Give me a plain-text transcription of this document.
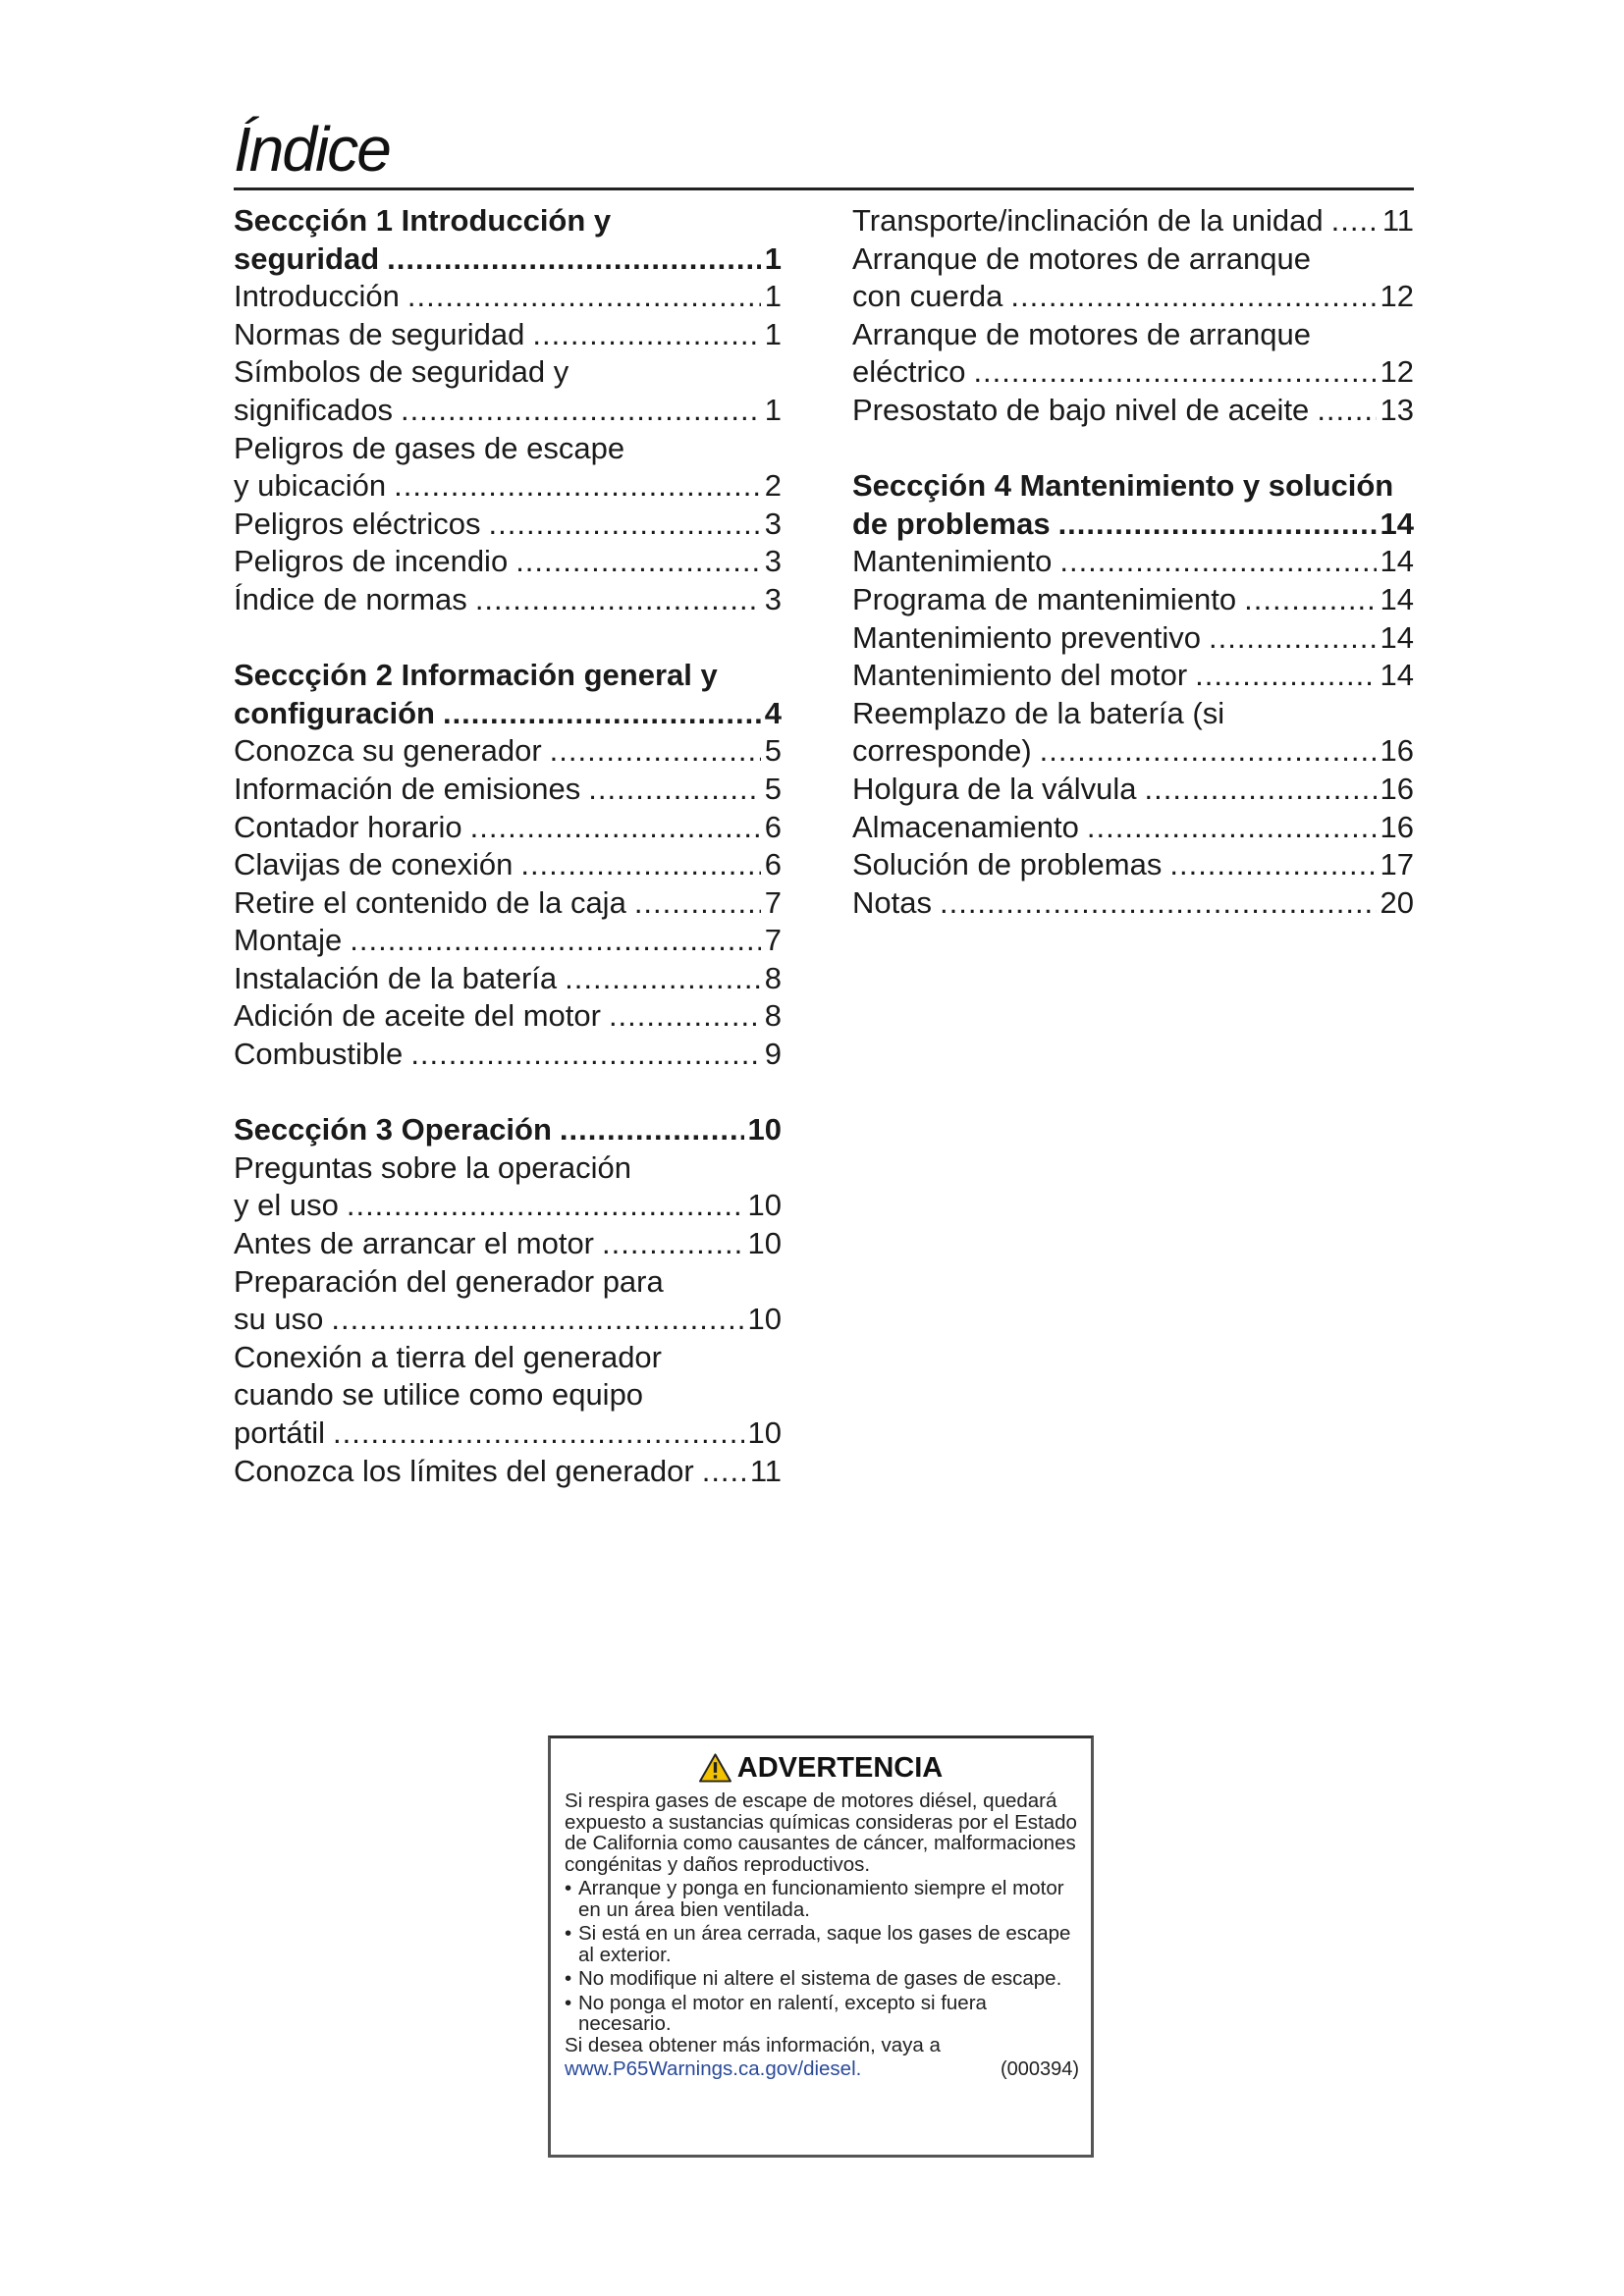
Índice
Seccçión 1 Introducción y
seguridad .....	1
Introducción .....	1
Normas de seguridad .....	1
Símbolos de seguridad y
significados .....	1
Peligros de gases de escape
y ubicación .....	2
Peligros eléctricos .....	3
Peligros de incendio .....	3
Índice de normas .....	3
Seccçión 2 Información general y
configuración .....	4
Conozca su generador .....	5
Información de emisiones .....	5
Contador horario .....	6
Clavijas de conexión .....	6
Retire el contenido de la caja .....	7
Montaje .....	7
Instalación de la batería .....	8
Adición de aceite del motor .....	8
Combustible .....	9
Seccçión 3 Operación .....	10
Preguntas sobre la operación
y el uso .....	10
Antes de arrancar el motor .....	10
Preparación del generador para
su uso .....	10
Conexión a tierra del generador
cuando se utilice como equipo
portátil .....	10
Conozca los límites del generador ..... 11
Transporte/inclinación de la unidad ..... 11
Arranque de motores de arranque
con cuerda .....	12
Arranque de motores de arranque
eléctrico .....	12
Presostato de bajo nivel de aceite ..... 13
Seccçión 4 Mantenimiento y solución
de problemas .....	14
Mantenimiento .....	14
Programa de mantenimiento .....	14
Mantenimiento preventivo .....	14
Mantenimiento del motor .....	14
Reemplazo de la batería (si
corresponde) .....	16
Holgura de la válvula .....	16
Almacenamiento .....	16
Solución de problemas .....	17
Notas .....	20
ADVERTENCIA

Si respira gases de escape de motores diésel, quedará expuesto a sustancias químicas consideras por el Estado de California como causantes de cáncer, malformaciones congénitas y daños reproductivos.

• Arranque y ponga en funcionamiento siempre el motor en un área bien ventilada.
• Si está en un área cerrada, saque los gases de escape al exterior.
• No modifique ni altere el sistema de gases de escape.
• No ponga el motor en ralentí, excepto si fuera necesario.

Si desea obtener más información, vaya a

www.P65Warnings.ca.gov/diesel.	(000394)
